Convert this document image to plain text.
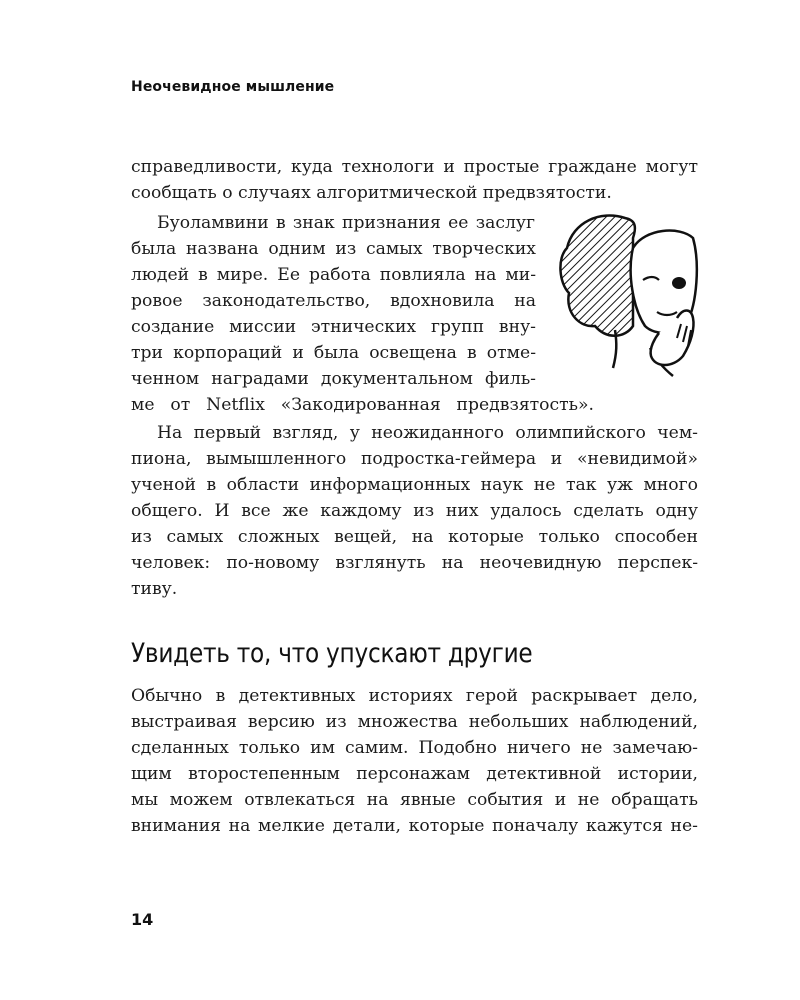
Неочевидное мышление
справедливости, куда технологи и простые граждане могут
сообщать о случаях алгоритмической предвзятости.
Буоламвини в знак признания ее заслуг
была названа одним из самых творческих
людей в мире. Ее работа повлияла на ми-
ровое законодательство, вдохновила на
создание миссии этнических групп вну-
три корпораций и была освещена в отме-
ченном наградами документальном филь-
ме от Netflix «Закодированная предвзятость».
На первый взгляд, у неожиданного олимпийского чем-
пиона, вымышленного подростка-геймера и «невидимой»
ученой в области информационных наук не так уж много
общего. И все же каждому из них удалось сделать одну
из самых сложных вещей, на которые только способен
человек: по-новому взглянуть на неочевидную перспек-
тиву.
Увидеть то, что упускают другие
Обычно в детективных историях герой раскрывает дело,
выстраивая версию из множества небольших наблюдений,
сделанных только им самим. Подобно ничего не замечаю-
щим второстепенным персонажам детективной истории,
мы можем отвлекаться на явные события и не обращать
внимания на мелкие детали, которые поначалу кажутся не-
14
